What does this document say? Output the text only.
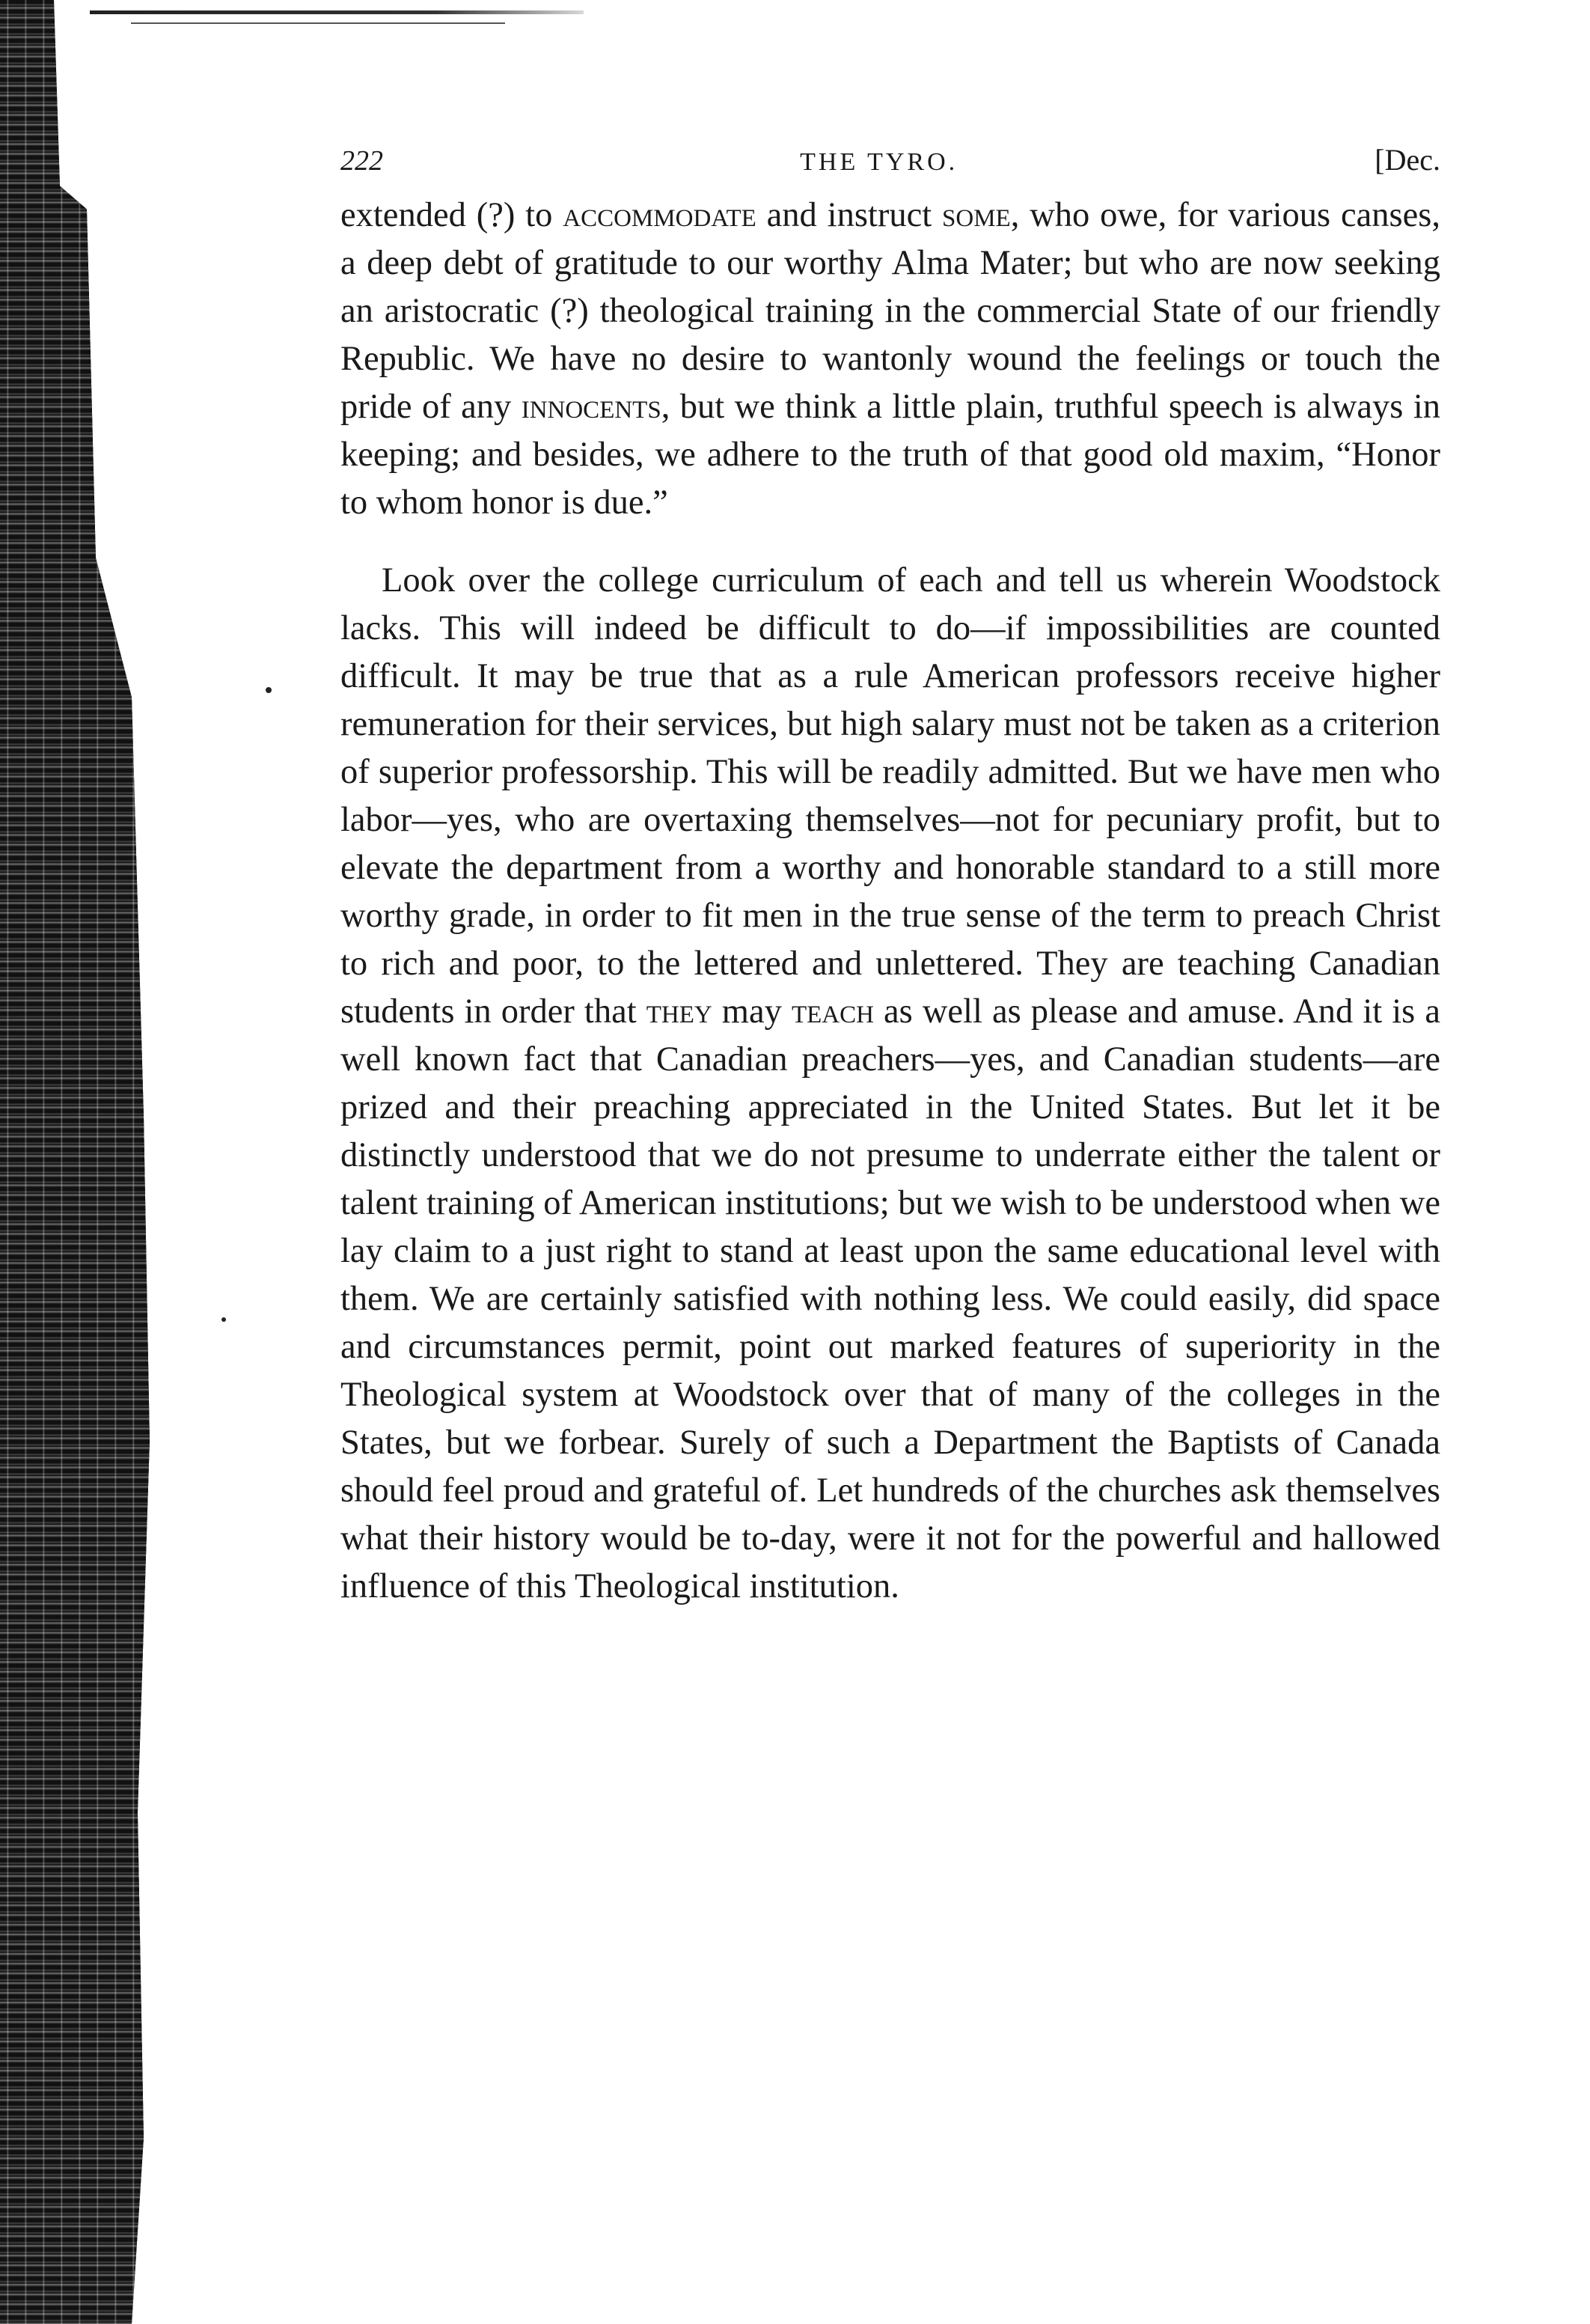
222	THE TYRO.	[Dec.

extended (?) to accommodate and instruct some, who owe, for various canses, a deep debt of gratitude to our worthy Alma Mater; but who are now seeking an aristocratic (?) theological training in the commercial State of our friendly Republic. We have no desire to wantonly wound the feelings or touch the pride of any innocents, but we think a little plain, truthful speech is always in keeping; and besides, we adhere to the truth of that good old maxim, “Honor to whom honor is due.”

Look over the college curriculum of each and tell us wherein Woodstock lacks. This will indeed be difficult to do—if impossibilities are counted difficult. It may be true that as a rule American professors receive higher remuneration for their services, but high salary must not be taken as a criterion of superior professorship. This will be readily admitted. But we have men who labor—yes, who are overtaxing themselves—not for pecuniary profit, but to elevate the department from a worthy and honorable standard to a still more worthy grade, in order to fit men in the true sense of the term to preach Christ to rich and poor, to the lettered and unlettered. They are teaching Canadian students in order that they may teach as well as please and amuse. And it is a well known fact that Canadian preachers—yes, and Canadian students—are prized and their preaching appreciated in the United States. But let it be distinctly understood that we do not presume to underrate either the talent or talent training of American institutions; but we wish to be understood when we lay claim to a just right to stand at least upon the same educational level with them. We are certainly satisfied with nothing less. We could easily, did space and circumstances permit, point out marked features of superiority in the Theological system at Woodstock over that of many of the colleges in the States, but we forbear. Surely of such a Department the Baptists of Canada should feel proud and grateful of. Let hundreds of the churches ask themselves what their history would be to-day, were it not for the powerful and hallowed influence of this Theological institution.
